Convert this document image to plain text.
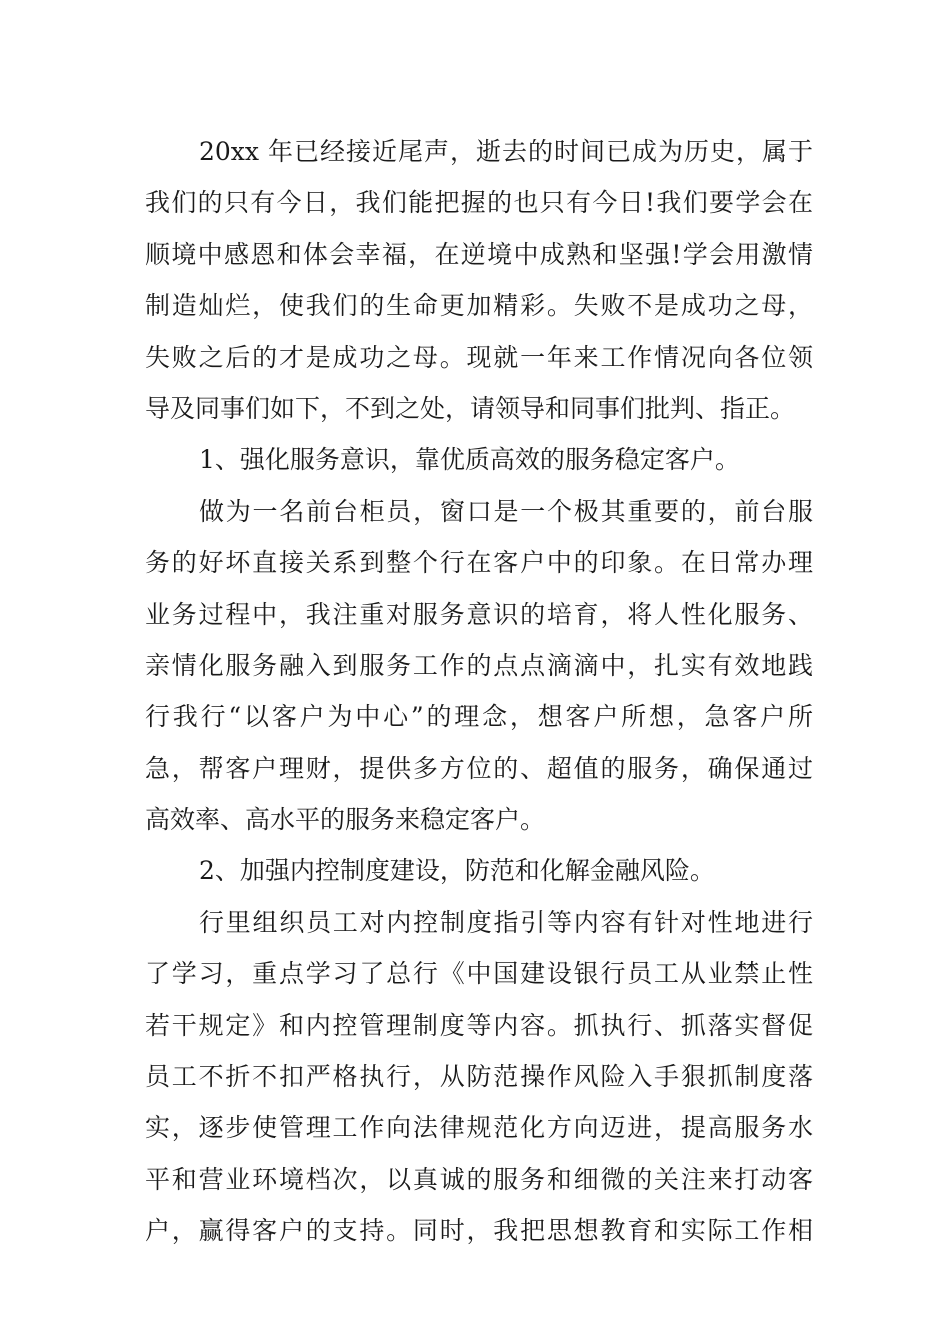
20xx 年已经接近尾声，逝去的时间已成为历史，属于
我们的只有今日，我们能把握的也只有今日!我们要学会在
顺境中感恩和体会幸福，在逆境中成熟和坚强!学会用激情
制造灿烂，使我们的生命更加精彩。失败不是成功之母，
失败之后的才是成功之母。现就一年来工作情况向各位领
导及同事们如下，不到之处，请领导和同事们批判、指正。
1、强化服务意识，靠优质高效的服务稳定客户。
做为一名前台柜员，窗口是一个极其重要的，前台服
务的好坏直接关系到整个行在客户中的印象。在日常办理
业务过程中，我注重对服务意识的培育，将人性化服务、
亲情化服务融入到服务工作的点点滴滴中，扎实有效地践
行我行“以客户为中心”的理念，想客户所想，急客户所
急，帮客户理财，提供多方位的、超值的服务，确保通过
高效率、高水平的服务来稳定客户。
2、加强内控制度建设，防范和化解金融风险。
行里组织员工对内控制度指引等内容有针对性地进行
了学习，重点学习了总行《中国建设银行员工从业禁止性
若干规定》和内控管理制度等内容。抓执行、抓落实督促
员工不折不扣严格执行，从防范操作风险入手狠抓制度落
实，逐步使管理工作向法律规范化方向迈进，提高服务水
平和营业环境档次，以真诚的服务和细微的关注来打动客
户，赢得客户的支持。同时，我把思想教育和实际工作相
